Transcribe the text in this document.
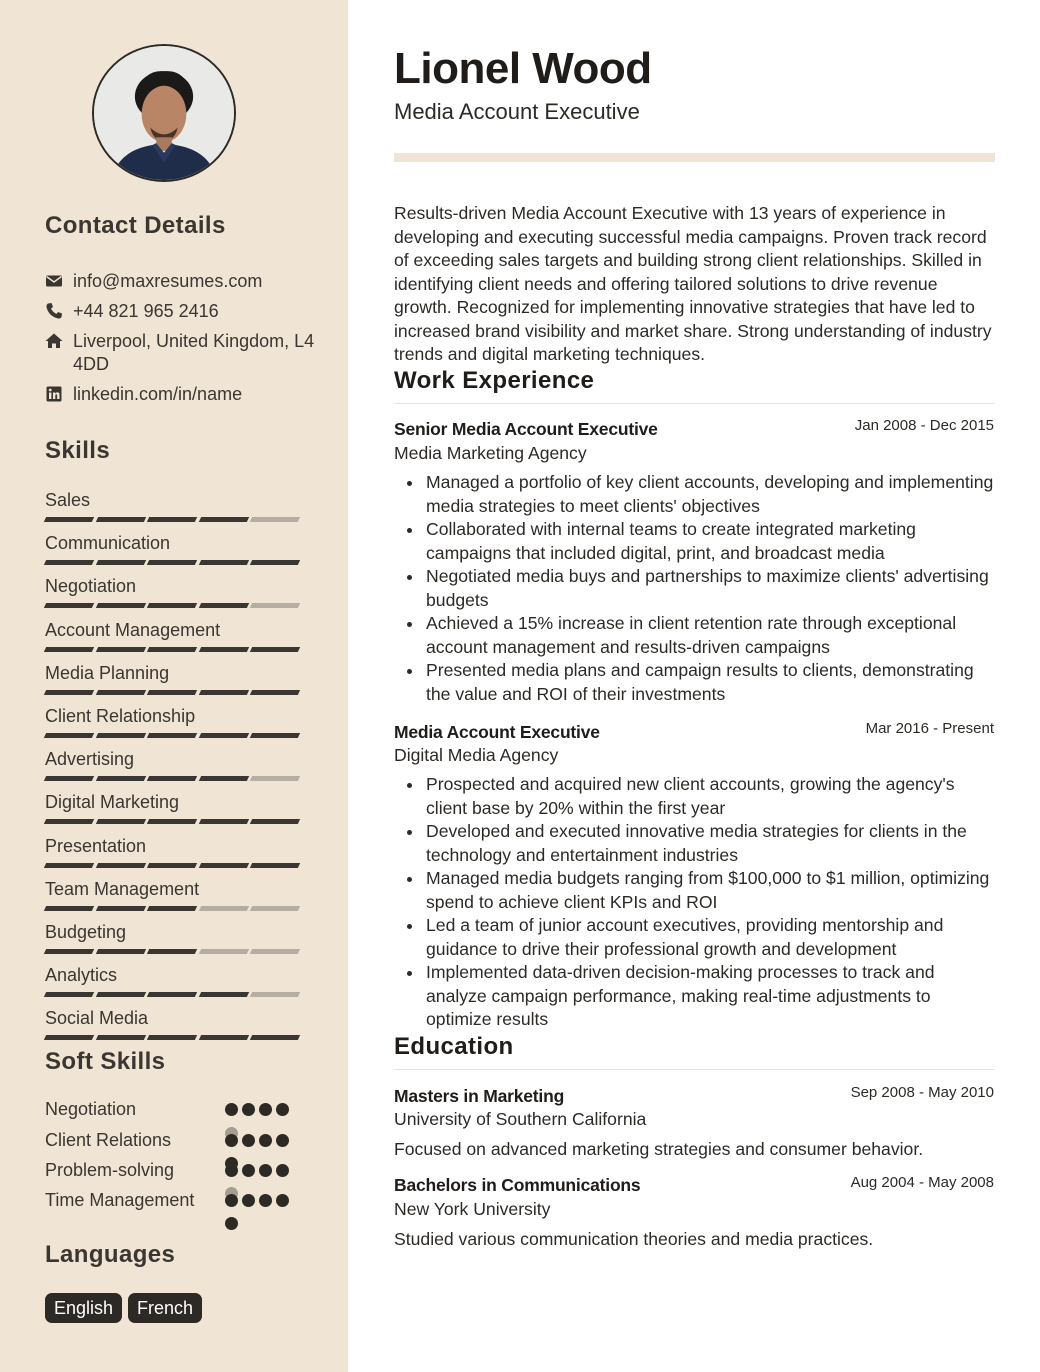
Contact Details
info@maxresumes.com
+44 821 965 2416
Liverpool, United Kingdom, L4 4DD
linkedin.com/in/name
Skills
Sales
Communication
Negotiation
Account Management
Media Planning
Client Relationship
Advertising
Digital Marketing
Presentation
Team Management
Budgeting
Analytics
Social Media
Soft Skills
Negotiation
Client Relations
Problem-solving
Time Management
Languages
English	French
Lionel Wood
Media Account Executive

Results-driven Media Account Executive with 13 years of experience in developing and executing successful media campaigns. Proven track record of exceeding sales targets and building strong client relationships. Skilled in identifying client needs and offering tailored solutions to drive revenue growth. Recognized for implementing innovative strategies that have led to increased brand visibility and market share. Strong understanding of industry trends and digital marketing techniques.

Work Experience
Senior Media Account Executive	Jan 2008 - Dec 2015
Media Marketing Agency
Managed a portfolio of key client accounts, developing and implementing media strategies to meet clients' objectives
Collaborated with internal teams to create integrated marketing campaigns that included digital, print, and broadcast media
Negotiated media buys and partnerships to maximize clients' advertising budgets
Achieved a 15% increase in client retention rate through exceptional account management and results-driven campaigns
Presented media plans and campaign results to clients, demonstrating the value and ROI of their investments
Media Account Executive	Mar 2016 - Present
Digital Media Agency
Prospected and acquired new client accounts, growing the agency's client base by 20% within the first year
Developed and executed innovative media strategies for clients in the technology and entertainment industries
Managed media budgets ranging from $100,000 to $1 million, optimizing spend to achieve client KPIs and ROI
Led a team of junior account executives, providing mentorship and guidance to drive their professional growth and development
Implemented data-driven decision-making processes to track and analyze campaign performance, making real-time adjustments to optimize results
Education
Masters in Marketing	Sep 2008 - May 2010
University of Southern California
Focused on advanced marketing strategies and consumer behavior.
Bachelors in Communications	Aug 2004 - May 2008
New York University
Studied various communication theories and media practices.
